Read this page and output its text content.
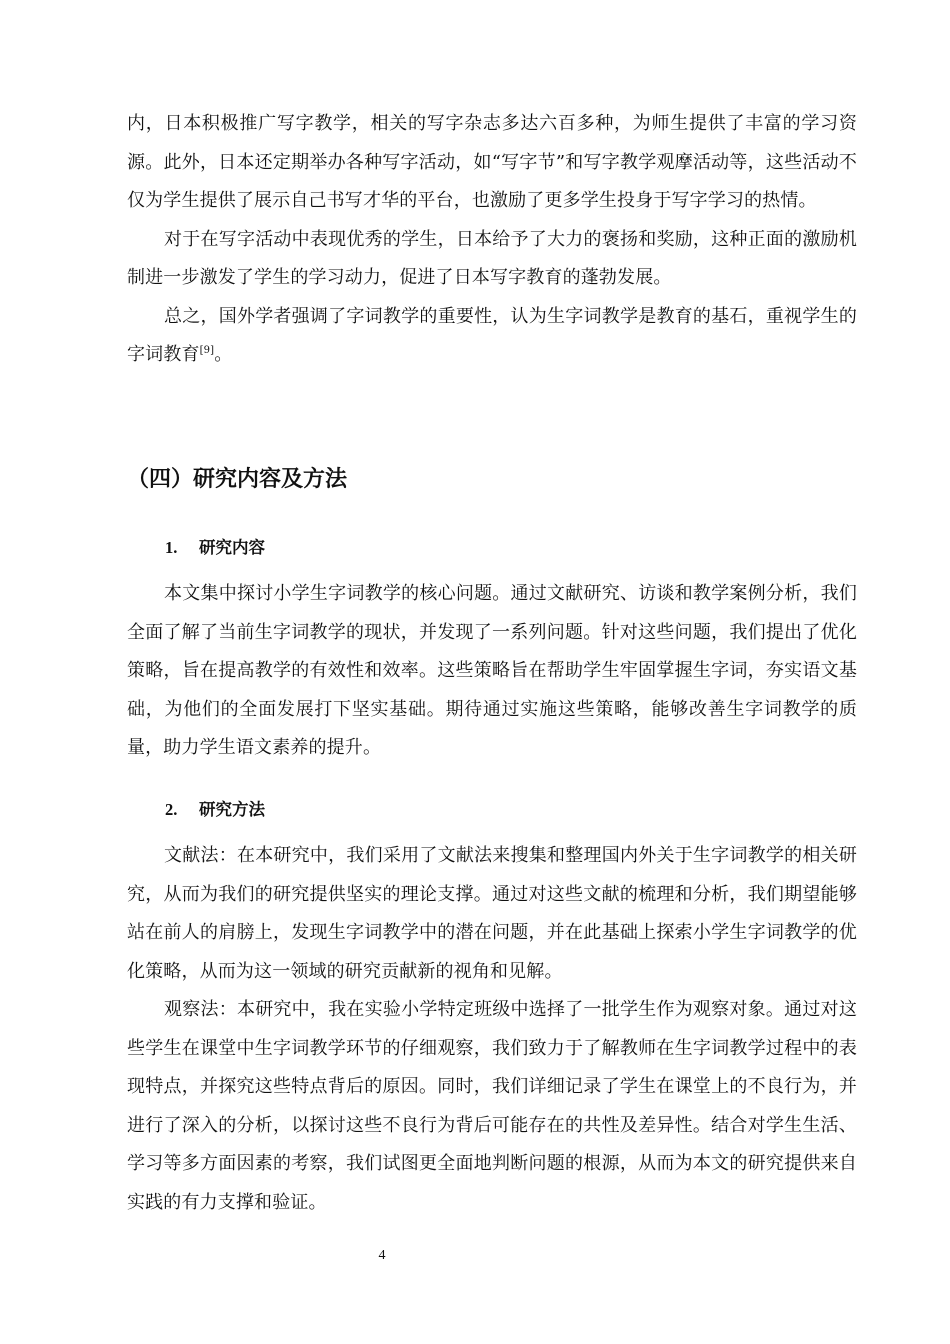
内，日本积极推广写字教学，相关的写字杂志多达六百多种，为师生提供了丰富的学习资源。此外，日本还定期举办各种写字活动，如“写字节”和写字教学观摩活动等，这些活动不仅为学生提供了展示自己书写才华的平台，也激励了更多学生投身于写字学习的热情。

对于在写字活动中表现优秀的学生，日本给予了大力的褒扬和奖励，这种正面的激励机制进一步激发了学生的学习动力，促进了日本写字教育的蓬勃发展。

总之，国外学者强调了字词教学的重要性，认为生字词教学是教育的基石，重视学生的字词教育[9]。

（四）研究内容及方法
1. 研究内容

本文集中探讨小学生字词教学的核心问题。通过文献研究、访谈和教学案例分析，我们全面了解了当前生字词教学的现状，并发现了一系列问题。针对这些问题，我们提出了优化策略，旨在提高教学的有效性和效率。这些策略旨在帮助学生牢固掌握生字词，夯实语文基础，为他们的全面发展打下坚实基础。期待通过实施这些策略，能够改善生字词教学的质量，助力学生语文素养的提升。

2. 研究方法

文献法：在本研究中，我们采用了文献法来搜集和整理国内外关于生字词教学的相关研究，从而为我们的研究提供坚实的理论支撑。通过对这些文献的梳理和分析，我们期望能够站在前人的肩膀上，发现生字词教学中的潜在问题，并在此基础上探索小学生字词教学的优化策略，从而为这一领域的研究贡献新的视角和见解。

观察法：本研究中，我在实验小学特定班级中选择了一批学生作为观察对象。通过对这些学生在课堂中生字词教学环节的仔细观察，我们致力于了解教师在生字词教学过程中的表现特点，并探究这些特点背后的原因。同时，我们详细记录了学生在课堂上的不良行为，并进行了深入的分析，以探讨这些不良行为背后可能存在的共性及差异性。结合对学生生活、学习等多方面因素的考察，我们试图更全面地判断问题的根源，从而为本文的研究提供来自实践的有力支撑和验证。

4
